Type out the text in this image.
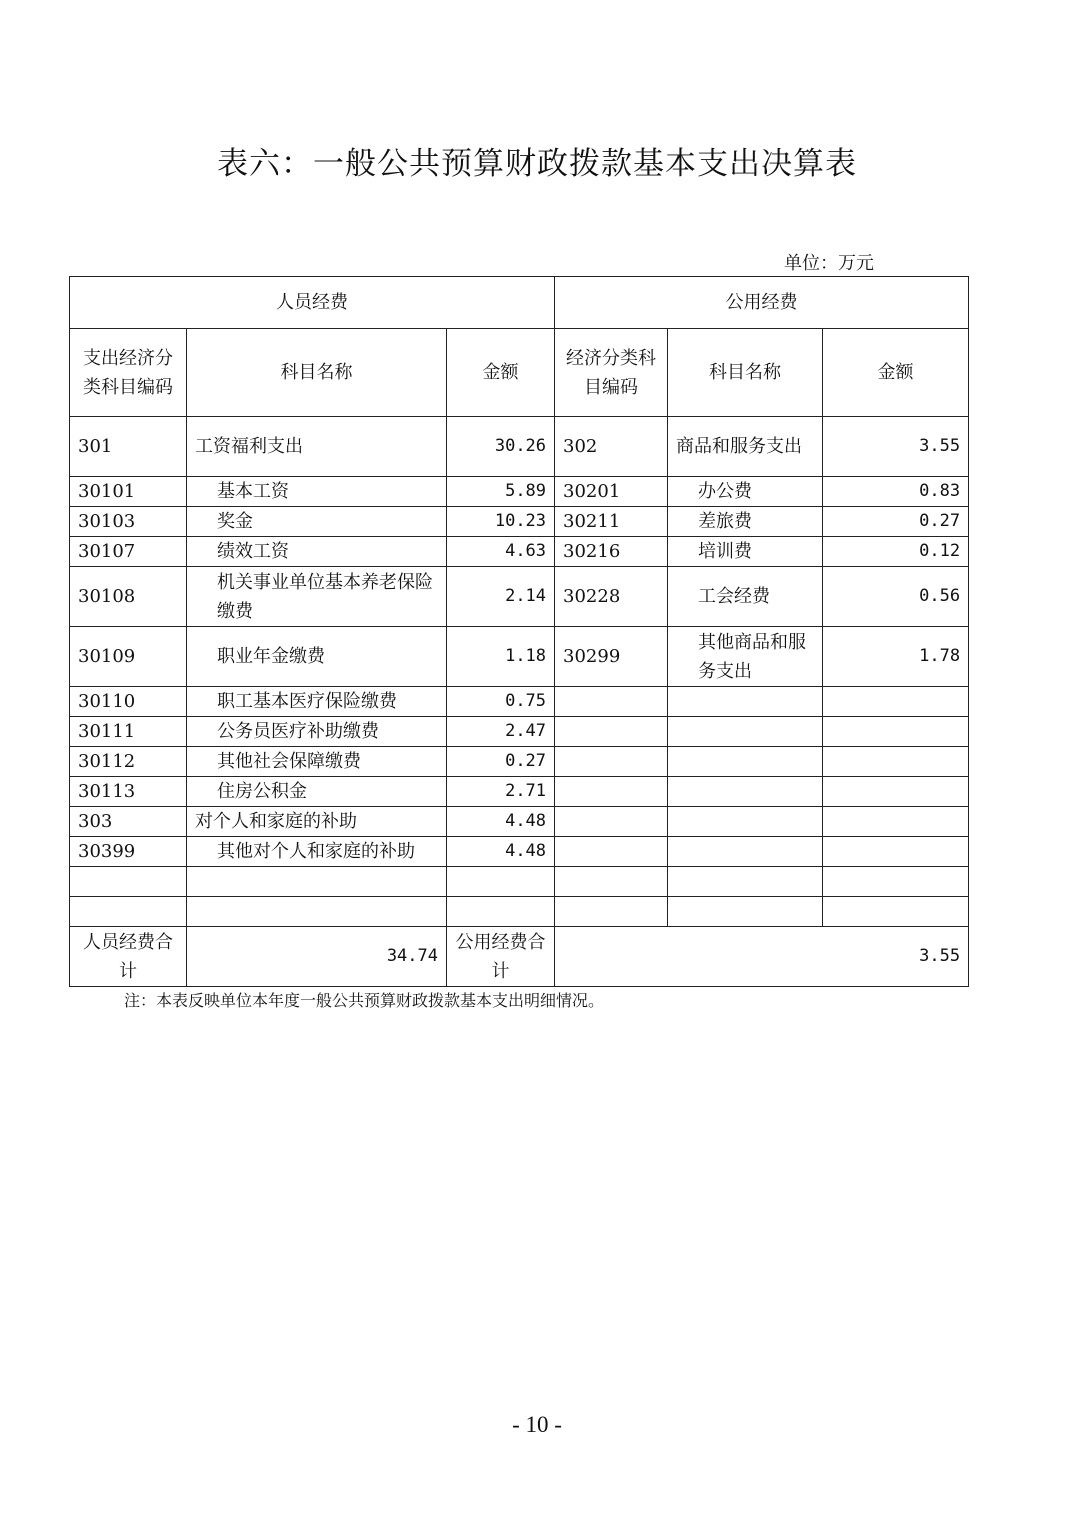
表六：一般公共预算财政拨款基本支出决算表
单位：万元
人员经费			公用经费		
支出经济分类科目编码	科目名称	金额	经济分类科目编码	科目名称	金额
301	工资福利支出	30.26	302	商品和服务支出	3.55
30101	基本工资	5.89	30201	办公费	0.83
30103	奖金	10.23	30211	差旅费	0.27
30107	绩效工资	4.63	30216	培训费	0.12
30108	机关事业单位基本养老保险缴费	2.14	30228	工会经费	0.56
30109	职业年金缴费	1.18	30299	其他商品和服务支出	1.78
30110	职工基本医疗保险缴费	0.75			
30111	公务员医疗补助缴费	2.47			
30112	其他社会保障缴费	0.27			
30113	住房公积金	2.71			
303	对个人和家庭的补助	4.48			
30399	其他对个人和家庭的补助	4.48			

人员经费合计	34.74	公用经费合计	3.55		
注：本表反映单位本年度一般公共预算财政拨款基本支出明细情况。
- 10 -
